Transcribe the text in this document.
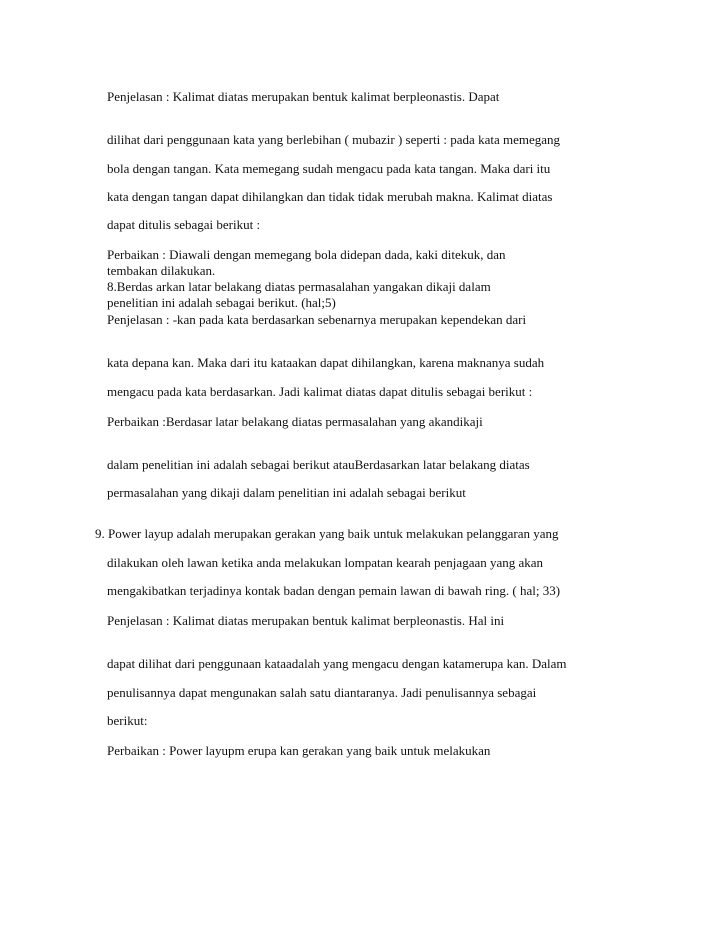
Penjelasan : Kalimat diatas merupakan bentuk kalimat berpleonastis. Dapat
dilihat dari penggunaan kata yang berlebihan ( mubazir ) seperti : pada kata memegang
bola dengan tangan. Kata memegang sudah mengacu pada kata tangan. Maka dari itu
kata dengan tangan dapat dihilangkan dan tidak tidak merubah makna. Kalimat diatas
dapat ditulis sebagai berikut :
Perbaikan : Diawali dengan memegang bola didepan dada, kaki ditekuk, dan
tembakan dilakukan.
8.Berdas arkan latar belakang diatas permasalahan yangakan dikaji dalam
penelitian ini adalah sebagai berikut. (hal;5)
Penjelasan : -kan pada kata berdasarkan sebenarnya merupakan kependekan dari
kata depana kan. Maka dari itu kataakan dapat dihilangkan, karena maknanya sudah
mengacu pada kata berdasarkan. Jadi kalimat diatas dapat ditulis sebagai berikut :
Perbaikan :Berdasar latar belakang diatas permasalahan yang akandikaji
dalam penelitian ini adalah sebagai berikut atauBerdasarkan latar belakang diatas
permasalahan yang dikaji dalam penelitian ini adalah sebagai berikut
9. Power layup adalah merupakan gerakan yang baik untuk melakukan pelanggaran yang
dilakukan oleh lawan ketika anda melakukan lompatan kearah penjagaan yang akan
mengakibatkan terjadinya kontak badan dengan pemain lawan di bawah ring. ( hal; 33)
Penjelasan : Kalimat diatas merupakan bentuk kalimat berpleonastis. Hal ini
dapat dilihat dari penggunaan kataadalah yang mengacu dengan katamerupa kan. Dalam
penulisannya dapat mengunakan salah satu diantaranya. Jadi penulisannya sebagai
berikut:
Perbaikan : Power layupm erupa kan gerakan yang baik untuk melakukan
